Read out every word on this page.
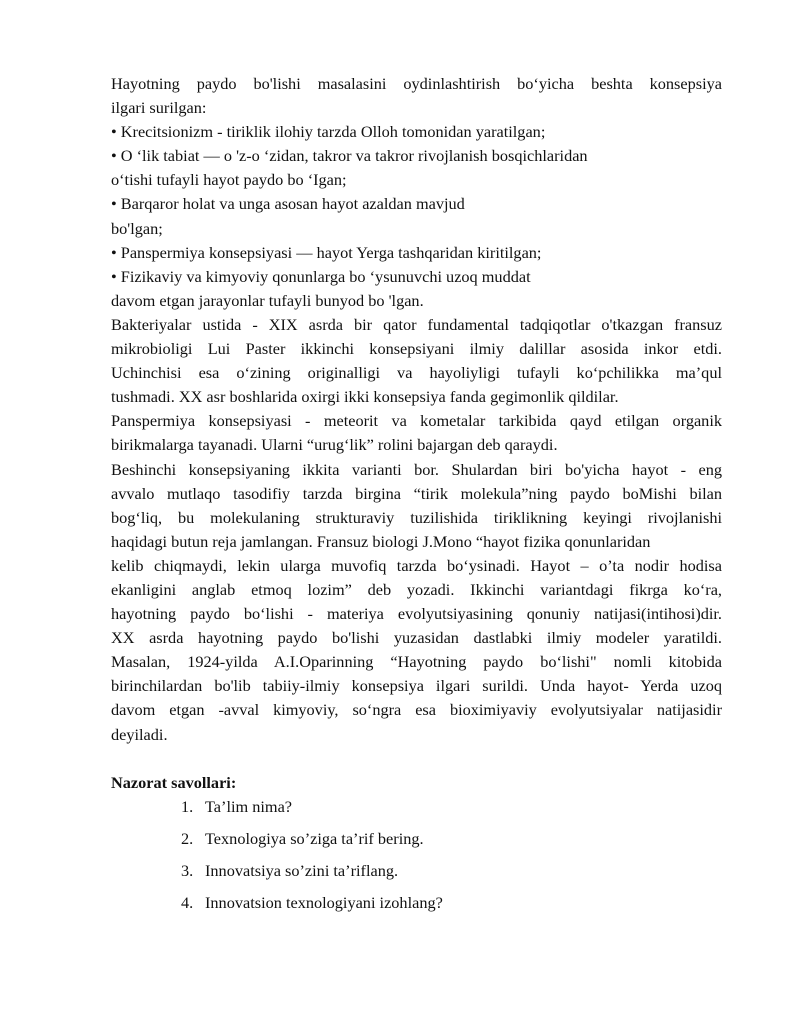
Hayotning paydo bo'lishi masalasini oydinlashtirish bo‘yicha beshta konsepsiya
ilgari surilgan:

• Krecitsionizm - tiriklik ilohiy tarzda Olloh tomonidan yaratilgan;
• O ‘lik tabiat — o 'z-o ‘zidan, takror va takror rivojlanish bosqichlaridan
o‘tishi tufayli hayot paydo bo ‘Igan;
• Barqaror holat va unga asosan hayot azaldan mavjud
bo'lgan;
• Panspermiya konsepsiyasi — hayot Yerga tashqaridan kiritilgan;
• Fizikaviy va kimyoviy qonunlarga bo ‘ysunuvchi uzoq muddat
davom etgan jarayonlar tufayli bunyod bo 'lgan.

Bakteriyalar ustida - XIX asrda bir qator fundamental tadqiqotlar o'tkazgan fransuz
mikrobioligi Lui Paster ikkinchi konsepsiyani ilmiy dalillar asosida inkor etdi.
Uchinchisi esa o‘zining originalligi va hayoliyligi tufayli ko‘pchilikka ma’qul
tushmadi. XX asr boshlarida oxirgi ikki konsepsiya fanda gegimonlik qildilar.

Panspermiya konsepsiyasi - meteorit va kometalar tarkibida qayd etilgan organik
birikmalarga tayanadi. Ularni “urug‘lik” rolini bajargan deb qaraydi.

Beshinchi konsepsiyaning ikkita varianti bor. Shulardan biri bo'yicha hayot - eng
avvalo mutlaqo tasodifiy tarzda birgina “tirik molekula”ning paydo boMishi bilan
bog‘liq, bu molekulaning strukturaviy tuzilishida tiriklikning keyingi rivojlanishi
haqidagi butun reja jamlangan. Fransuz biologi J.Mono “hayot fizika qonunlaridan
kelib chiqmaydi, lekin ularga muvofiq tarzda bo‘ysinadi. Hayot – o’ta nodir hodisa
ekanligini anglab etmoq lozim” deb yozadi. Ikkinchi variantdagi fikrga ko‘ra,
hayotning paydo bo‘lishi - materiya evolyutsiyasining qonuniy natijasi(intihosi)dir.
XX asrda hayotning paydo bo'lishi yuzasidan dastlabki ilmiy modeler yaratildi.
Masalan, 1924-yilda A.I.Oparinning “Hayotning paydo bo‘lishi" nomli kitobida
birinchilardan bo'lib tabiiy-ilmiy konsepsiya ilgari surildi. Unda hayot- Yerda uzoq
davom etgan -avval kimyoviy, so‘ngra esa bioximiyaviy evolyutsiyalar natijasidir
deyiladi.

Nazorat savollari:

1. Ta’lim nima?
2. Texnologiya so’ziga ta’rif bering.
3. Innovatsiya so’zini ta’riflang.
4. Innovatsion texnologiyani izohlang?
